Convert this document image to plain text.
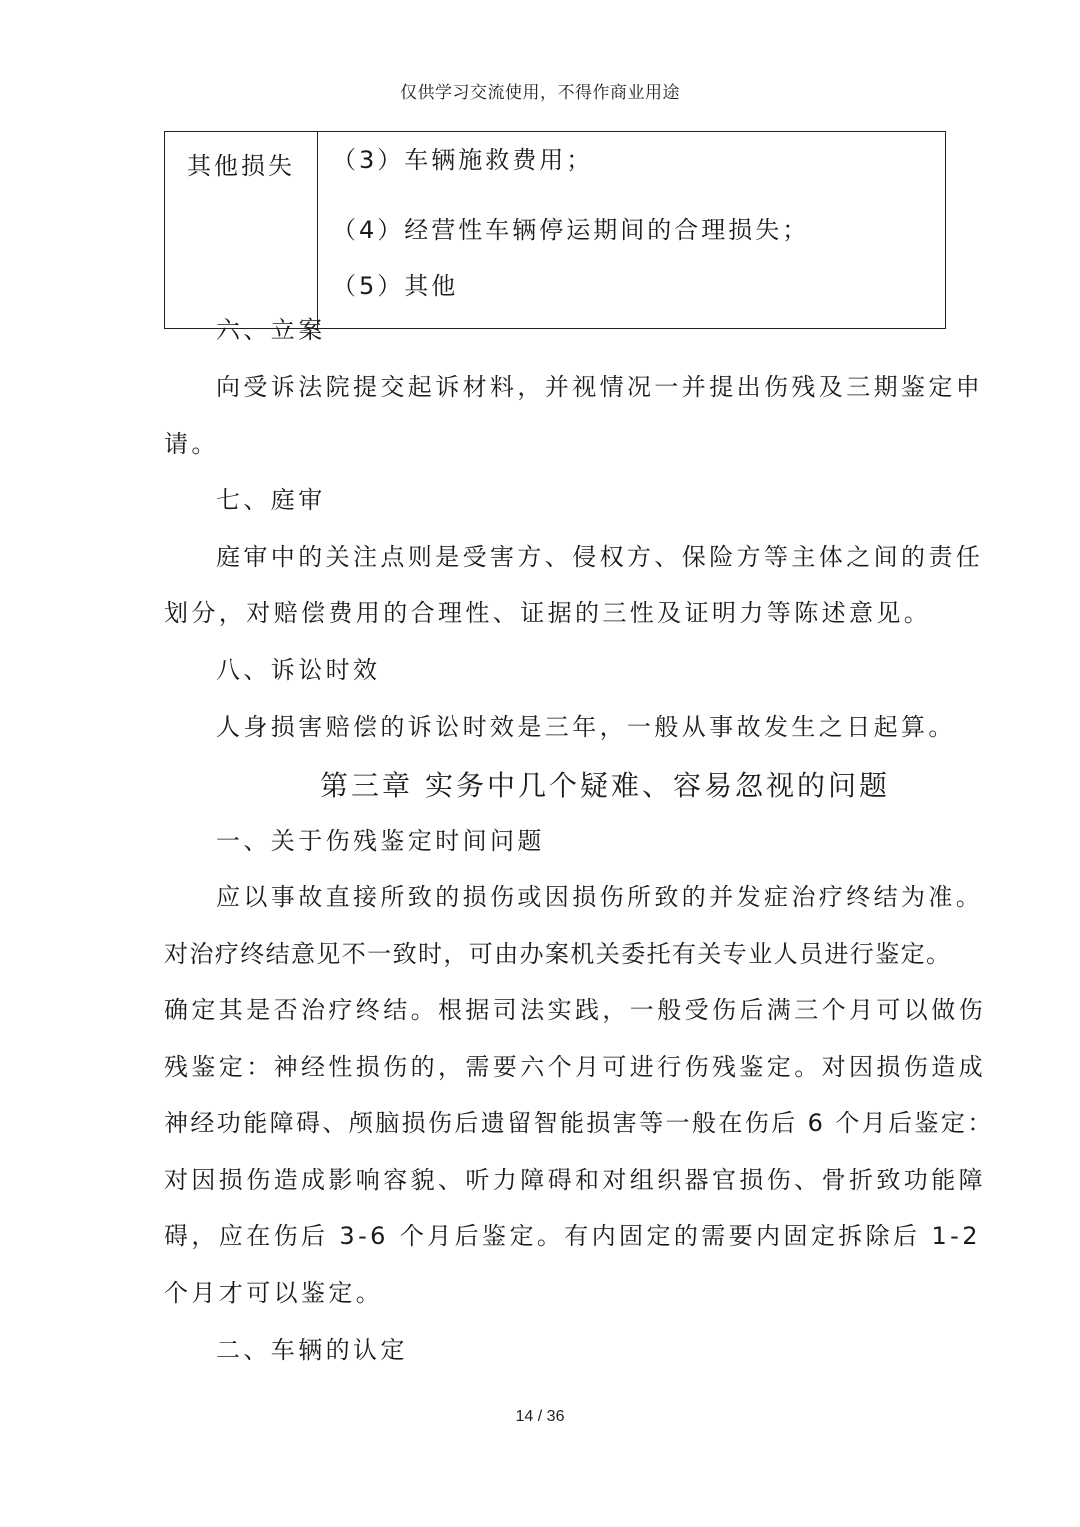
仅供学习交流使用，不得作商业用途
其他损失	（3）车辆施救费用；
（4）经营性车辆停运期间的合理损失；
（5）其他
六、立案
向受诉法院提交起诉材料，并视情况一并提出伤残及三期鉴定申
请。
七、庭审
庭审中的关注点则是受害方、侵权方、保险方等主体之间的责任
划分，对赔偿费用的合理性、证据的三性及证明力等陈述意见。
八、诉讼时效
人身损害赔偿的诉讼时效是三年，一般从事故发生之日起算。
一、关于伤残鉴定时间问题
应以事故直接所致的损伤或因损伤所致的并发症治疗终结为准。
对治疗终结意见不一致时，可由办案机关委托有关专业人员进行鉴定。
确定其是否治疗终结。根据司法实践，一般受伤后满三个月可以做伤
残鉴定：神经性损伤的，需要六个月可进行伤残鉴定。对因损伤造成
神经功能障碍、颅脑损伤后遗留智能损害等一般在伤后 6 个月后鉴定：
对因损伤造成影响容貌、听力障碍和对组织器官损伤、骨折致功能障
碍，应在伤后 3-6 个月后鉴定。有内固定的需要内固定拆除后 1-2
个月才可以鉴定。
二、车辆的认定
第三章 实务中几个疑难、容易忽视的问题
14 / 36
